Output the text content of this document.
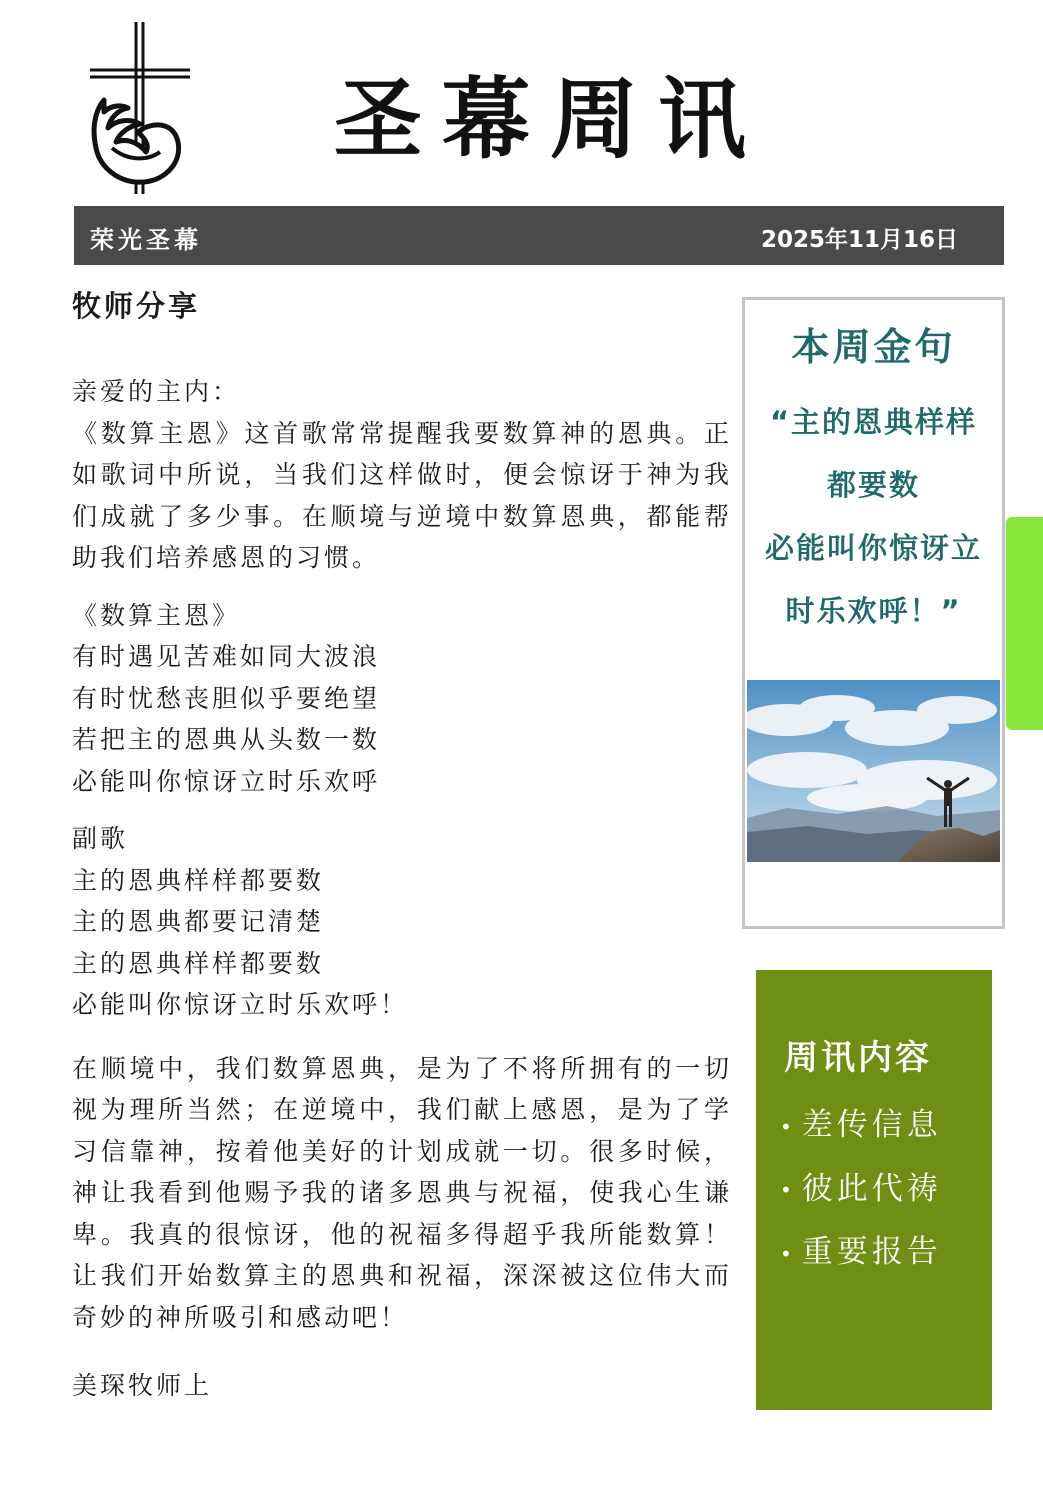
圣幕周讯
荣光圣幕	2025年11月16日
牧师分享

亲爱的主内：

《数算主恩》这首歌常常提醒我要数算神的恩典。正如歌词中所说，当我们这样做时，便会惊讶于神为我们成就了多少事。在顺境与逆境中数算恩典，都能帮助我们培养感恩的习惯。

《数算主恩》
有时遇见苦难如同大波浪
有时忧愁丧胆似乎要绝望
若把主的恩典从头数一数
必能叫你惊讶立时乐欢呼
副歌
主的恩典样样都要数
主的恩典都要记清楚
主的恩典样样都要数
必能叫你惊讶立时乐欢呼！

在顺境中，我们数算恩典，是为了不将所拥有的一切视为理所当然；在逆境中，我们献上感恩，是为了学习信靠神，按着他美好的计划成就一切。很多时候，神让我看到他赐予我的诸多恩典与祝福，使我心生谦卑。我真的很惊讶，他的祝福多得超乎我所能数算！让我们开始数算主的恩典和祝福，深深被这位伟大而奇妙的神所吸引和感动吧！

美琛牧师上
本周金句
“主的恩典样样
都要数
必能叫你惊讶立
时乐欢呼！”
周讯内容
• 差传信息
• 彼此代祷
• 重要报告
